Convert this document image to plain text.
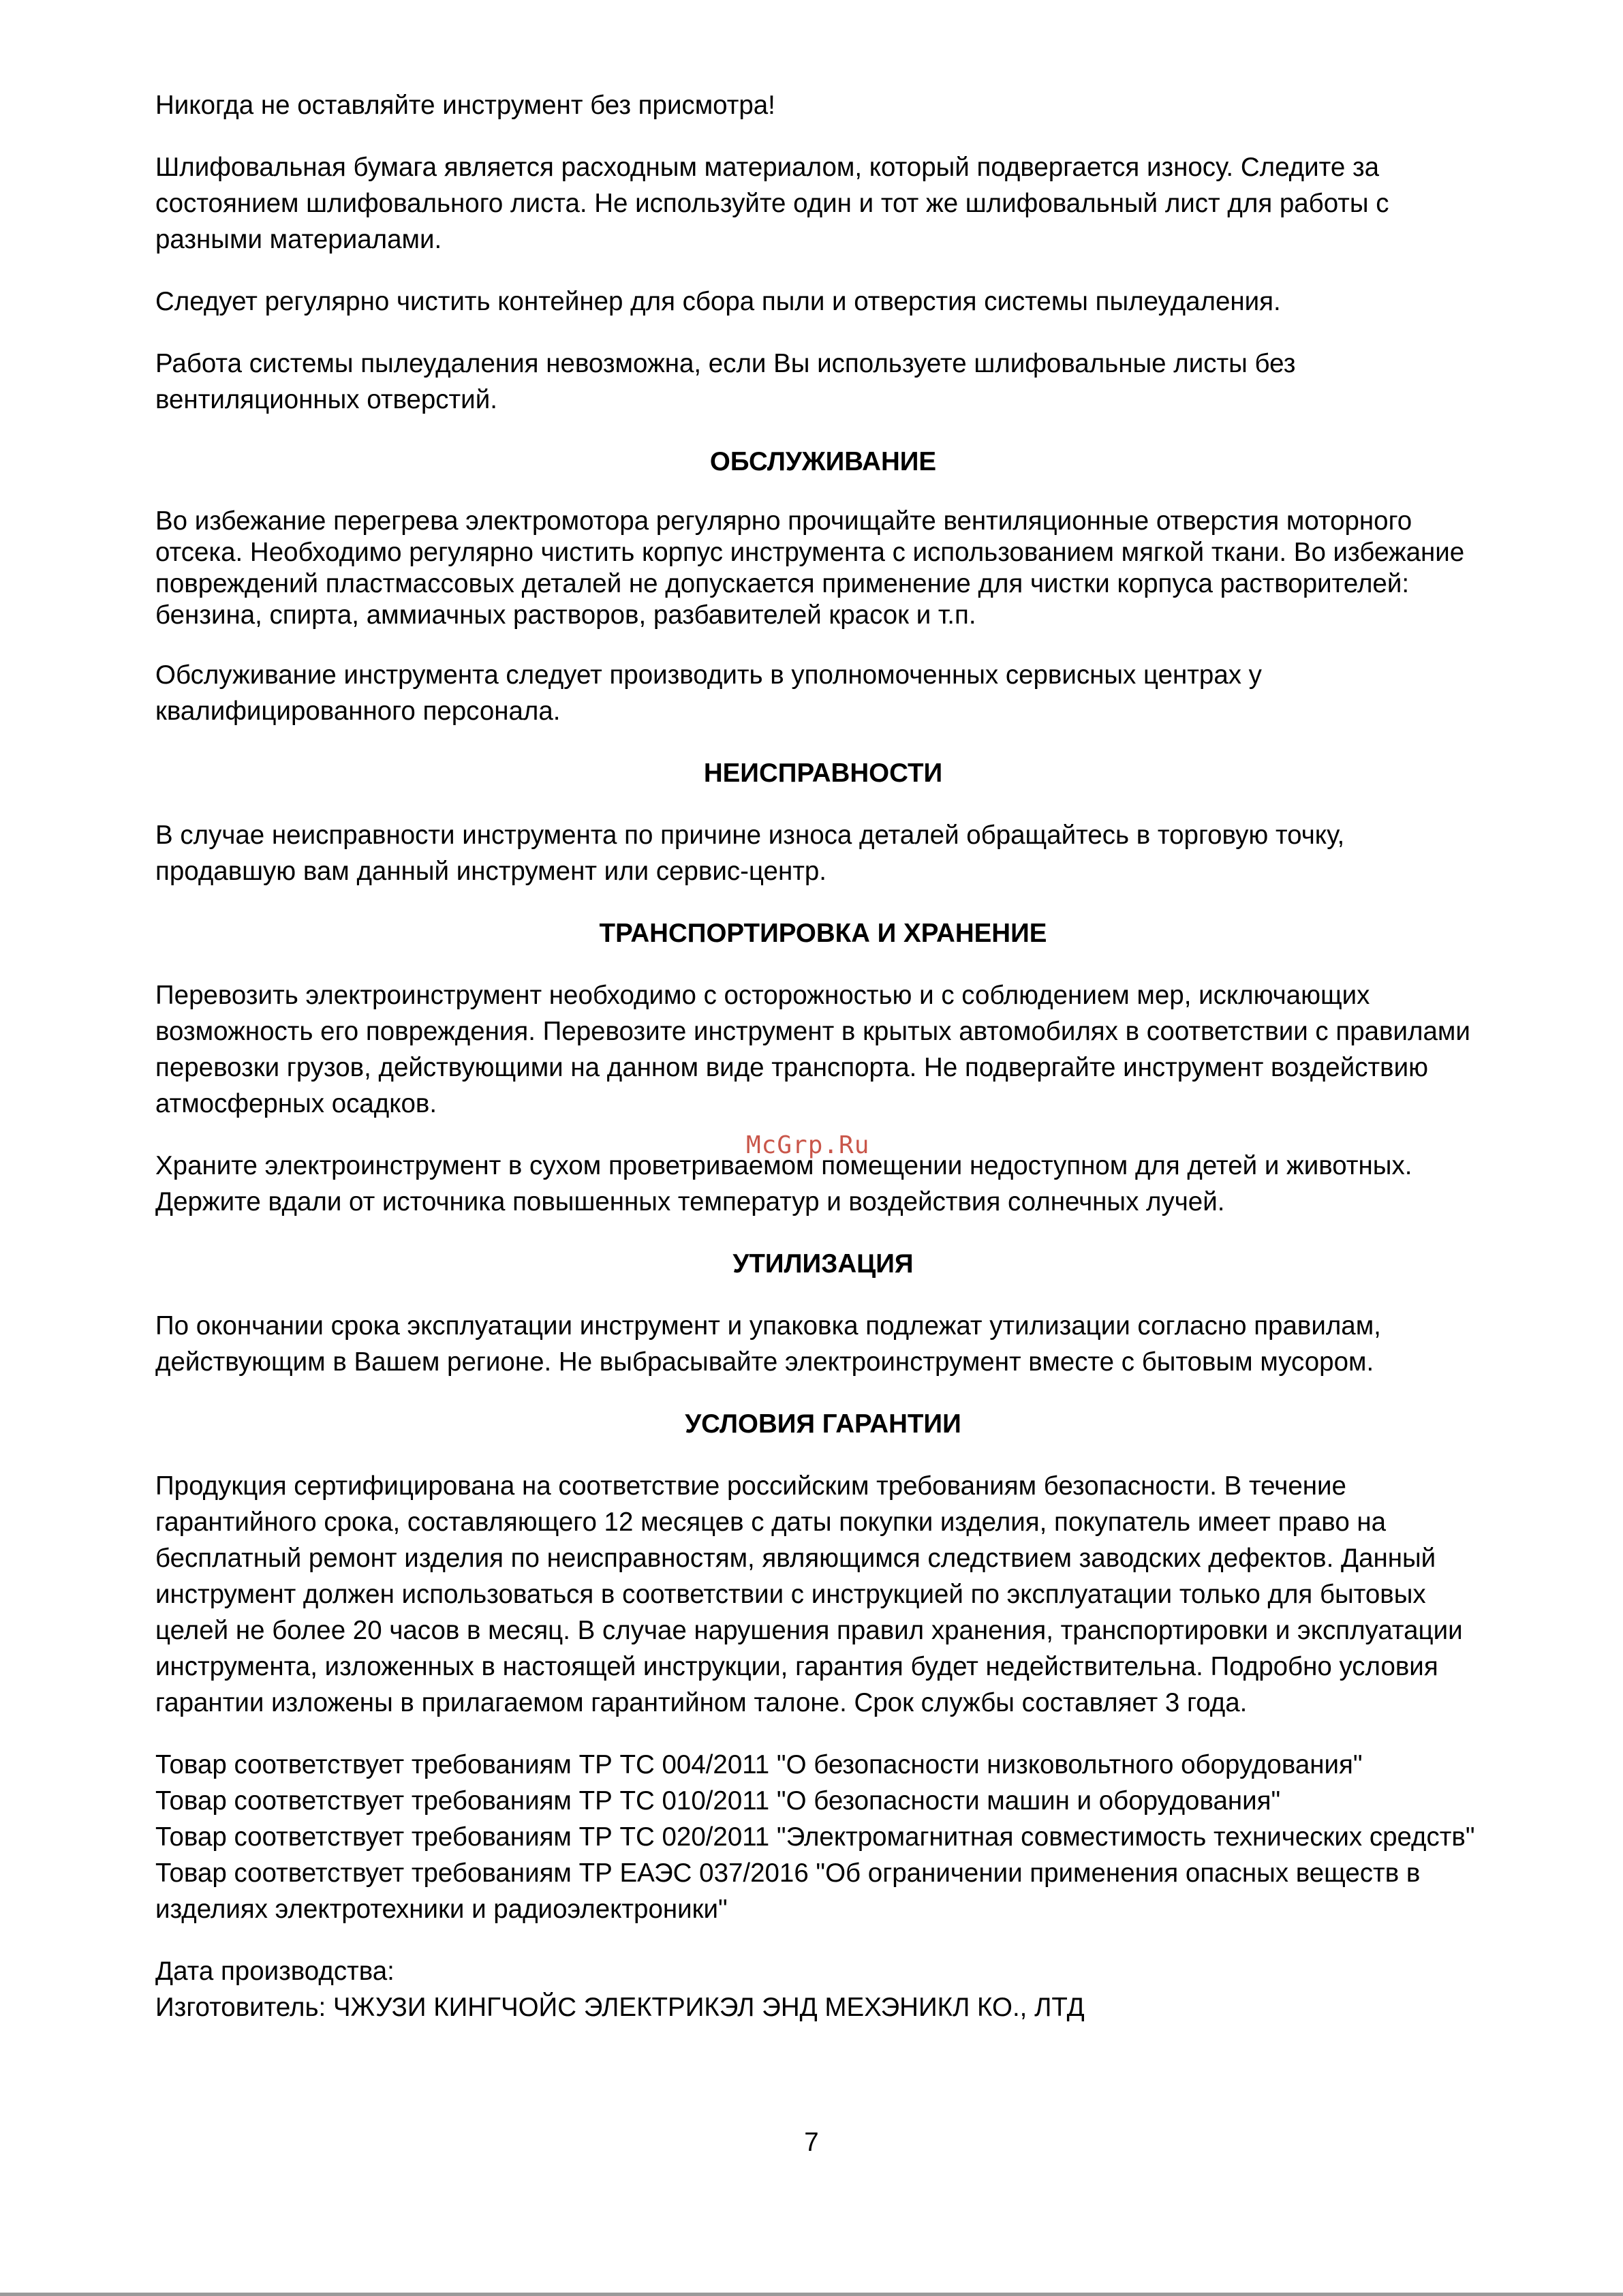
Никогда не оставляйте инструмент без присмотра!

Шлифовальная бумага является расходным материалом, который подвергается износу. Следите за состоянием шлифовального листа. Не используйте один и тот же шлифовальный лист для работы с разными материалами.

Следует регулярно чистить контейнер для сбора пыли и отверстия системы пылеудаления.

Работа системы пылеудаления невозможна, если Вы используете шлифовальные листы без вентиляционных отверстий.

ОБСЛУЖИВАНИЕ

Во избежание перегрева электромотора регулярно прочищайте вентиляционные отверстия моторного отсека. Необходимо регулярно чистить корпус инструмента с использованием мягкой ткани. Во избежание повреждений пластмассовых деталей не допускается применение для чистки корпуса растворителей: бензина, спирта, аммиачных растворов, разбавителей красок и т.п.

Обслуживание инструмента следует производить в уполномоченных сервисных центрах у квалифицированного персонала.

НЕИСПРАВНОСТИ

В случае неисправности инструмента по причине износа деталей обращайтесь в торговую точку, продавшую вам данный инструмент или сервис-центр.

ТРАНСПОРТИРОВКА И ХРАНЕНИЕ

Перевозить электроинструмент необходимо с осторожностью и с соблюдением мер, исключающих возможность его повреждения. Перевозите инструмент в крытых автомобилях в соответствии с правилами перевозки грузов, действующими на данном виде транспорта. Не подвергайте инструмент воздействию атмосферных осадков.

Храните электроинструмент в сухом проветриваемом помещении недоступном для детей и животных. Держите вдали от источника повышенных температур и воздействия солнечных лучей.

УТИЛИЗАЦИЯ

По окончании срока эксплуатации инструмент и упаковка подлежат утилизации согласно правилам, действующим в Вашем регионе. Не выбрасывайте электроинструмент вместе с бытовым мусором.

УСЛОВИЯ ГАРАНТИИ

Продукция сертифицирована на соответствие российским требованиям безопасности. В течение гарантийного срока, составляющего 12 месяцев с даты покупки изделия, покупатель имеет право на бесплатный ремонт изделия по неисправностям, являющимся следствием заводских дефектов. Данный инструмент должен использоваться в соответствии с инструкцией по эксплуатации только для бытовых целей не более 20 часов в месяц. В случае нарушения правил хранения, транспортировки и эксплуатации инструмента, изложенных в настоящей инструкции, гарантия будет недействительна. Подробно условия гарантии изложены в прилагаемом гарантийном талоне. Срок службы составляет 3 года.

Товар соответствует требованиям ТР ТС 004/2011 "О безопасности низковольтного оборудования"

Товар соответствует требованиям ТР ТС 010/2011 "О безопасности машин и оборудования"

Товар соответствует требованиям ТР ТС 020/2011 "Электромагнитная совместимость технических средств"

Товар соответствует требованиям ТР ЕАЭС 037/2016 "Об ограничении применения опасных веществ в изделиях электротехники и радиоэлектроники"

Дата производства:

Изготовитель: ЧЖУЗИ КИНГЧОЙС ЭЛЕКТРИКЭЛ ЭНД МЕХЭНИКЛ КО., ЛТД

McGrp.Ru
7
